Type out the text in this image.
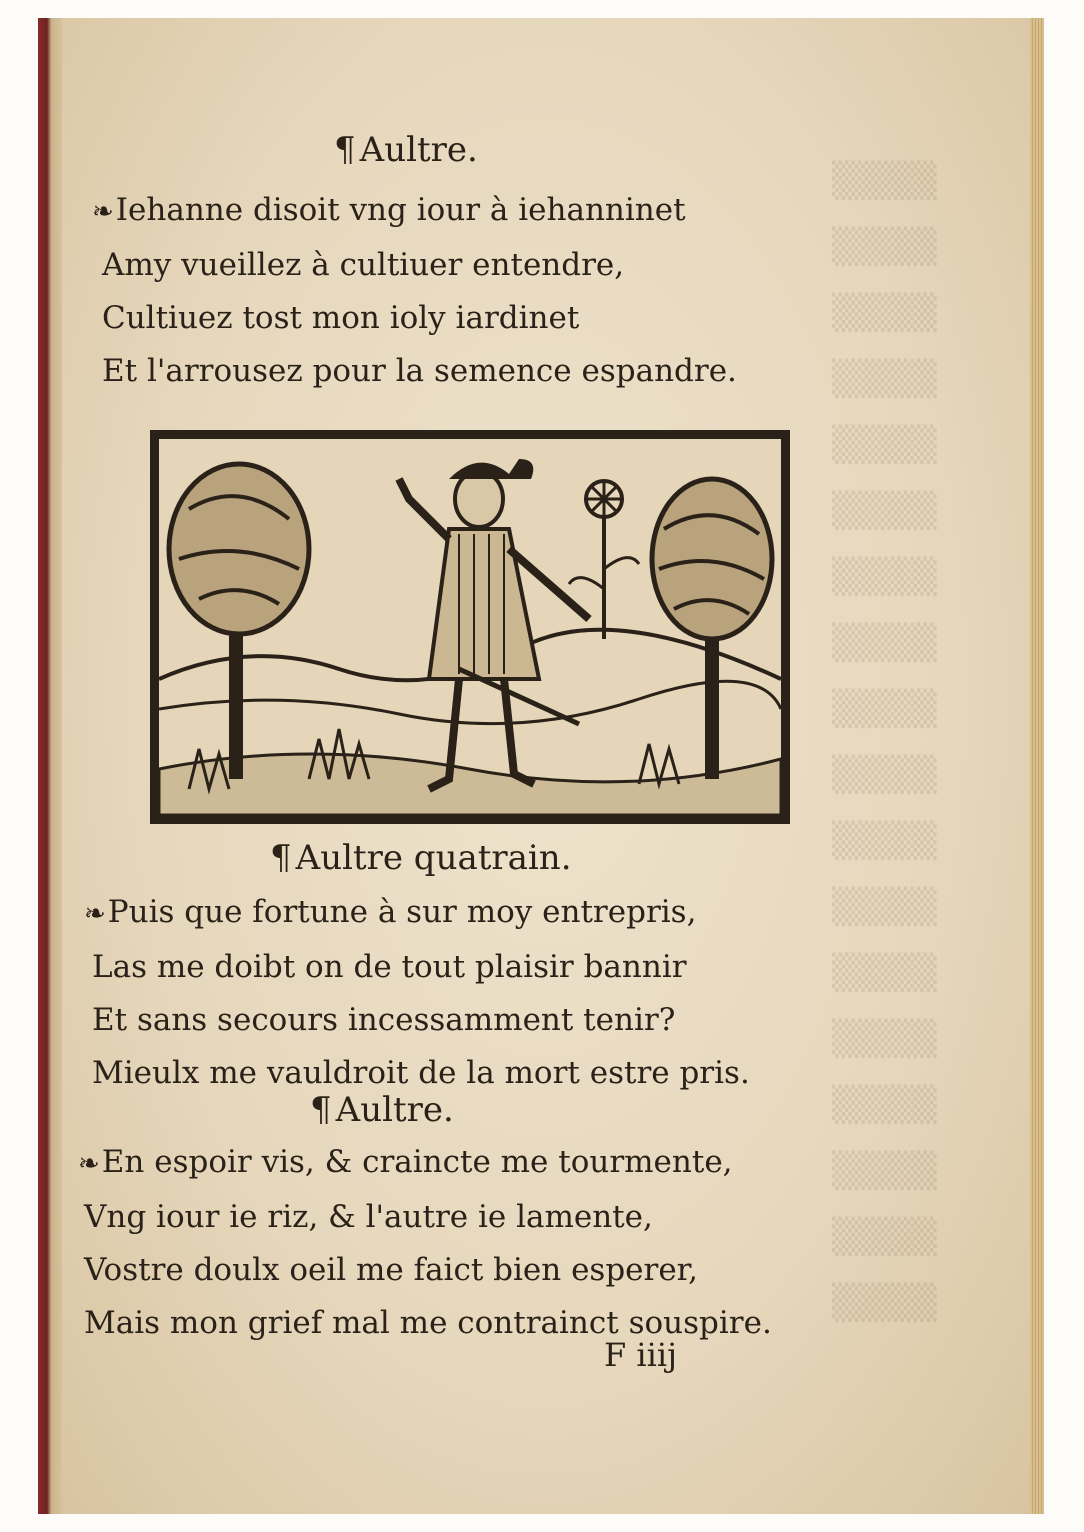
▒▒▒▒
▒▒▒▒
▒▒▒▒
▒▒▒▒
▒▒▒▒
▒▒▒▒
▒▒▒▒
▒▒▒▒
▒▒▒▒
▒▒▒▒
▒▒▒▒
▒▒▒▒
▒▒▒▒
▒▒▒▒
▒▒▒▒
▒▒▒▒
▒▒▒▒
▒▒▒▒
¶ Aultre.
❧Iehanne disoit vng iour à iehanninet
Amy vueillez à cultiuer entendre,
Cultiuez tost mon ioly iardinet
Et l'arrousez pour la semence espandre.
¶ Aultre quatrain.
❧Puis que fortune à sur moy entrepris,
Las me doibt on de tout plaisir bannir
Et sans secours incessamment tenir?
Mieulx me vauldroit de la mort estre pris.
¶ Aultre.
❧En espoir vis, & craincte me tourmente,
Vng iour ie riz, & l'autre ie lamente,
Vostre doulx oeil me faict bien esperer,
Mais mon grief mal me contrainct souspire.
F iiij
